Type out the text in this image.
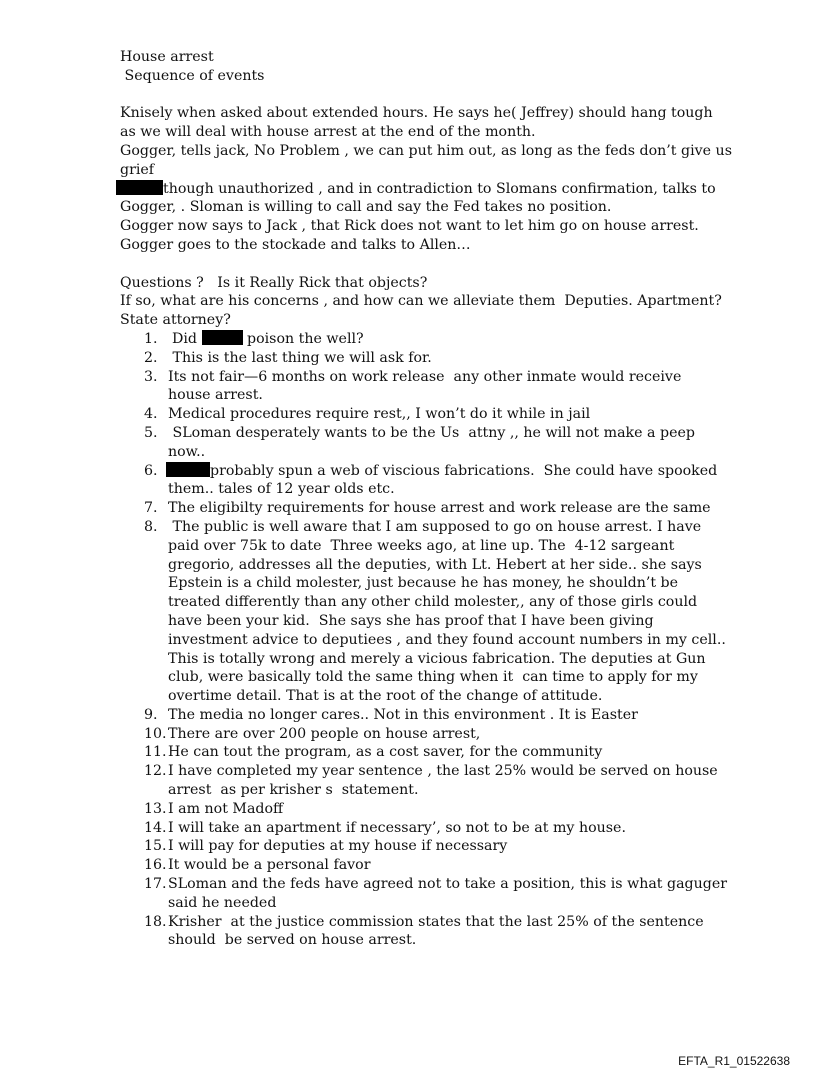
House arrest
Sequence of events
Knisely when asked about extended hours. He says he( Jeffrey) should hang tough
as we will deal with house arrest at the end of the month.
Gogger, tells jack, No Problem , we can put him out, as long as the feds don’t give us
grief
though unauthorized , and in contradiction to Slomans confirmation, talks to
Gogger, . Sloman is willing to call and say the Fed takes no position.
Gogger now says to Jack , that Rick does not want to let him go on house arrest.
Gogger goes to the stockade and talks to Allen…
Questions ?   Is it Really Rick that objects?
If so, what are his concerns , and how can we alleviate them  Deputies. Apartment?
State attorney?
1. Did	poison the well?
2. This is the last thing we will ask for.
3. Its not fair—6 months on work release  any other inmate would receive
house arrest.
4. Medical procedures require rest,, I won’t do it while in jail
5. SLoman desperately wants to be the Us  attny ,, he will not make a peep
now..
6.	probably spun a web of viscious fabrications.  She could have spooked
them.. tales of 12 year olds etc.
7. The eligibilty requirements for house arrest and work release are the same
8. The public is well aware that I am supposed to go on house arrest. I have
paid over 75k to date  Three weeks ago, at line up. The  4-12 sargeant
gregorio, addresses all the deputies, with Lt. Hebert at her side.. she says
Epstein is a child molester, just because he has money, he shouldn’t be
treated differently than any other child molester,, any of those girls could
have been your kid.  She says she has proof that I have been giving
investment advice to deputiees , and they found account numbers in my cell..
This is totally wrong and merely a vicious fabrication. The deputies at Gun
club, were basically told the same thing when it  can time to apply for my
overtime detail. That is at the root of the change of attitude.
9. The media no longer cares.. Not in this environment . It is Easter
10. There are over 200 people on house arrest,
11. He can tout the program, as a cost saver, for the community
12. I have completed my year sentence , the last 25% would be served on house
arrest  as per krisher s  statement.
13. I am not Madoff
14. I will take an apartment if necessary’, so not to be at my house.
15. I will pay for deputies at my house if necessary
16. It would be a personal favor
17. SLoman and the feds have agreed not to take a position, this is what gaguger
said he needed
18. Krisher  at the justice commission states that the last 25% of the sentence
should  be served on house arrest.
EFTA_R1_01522638
